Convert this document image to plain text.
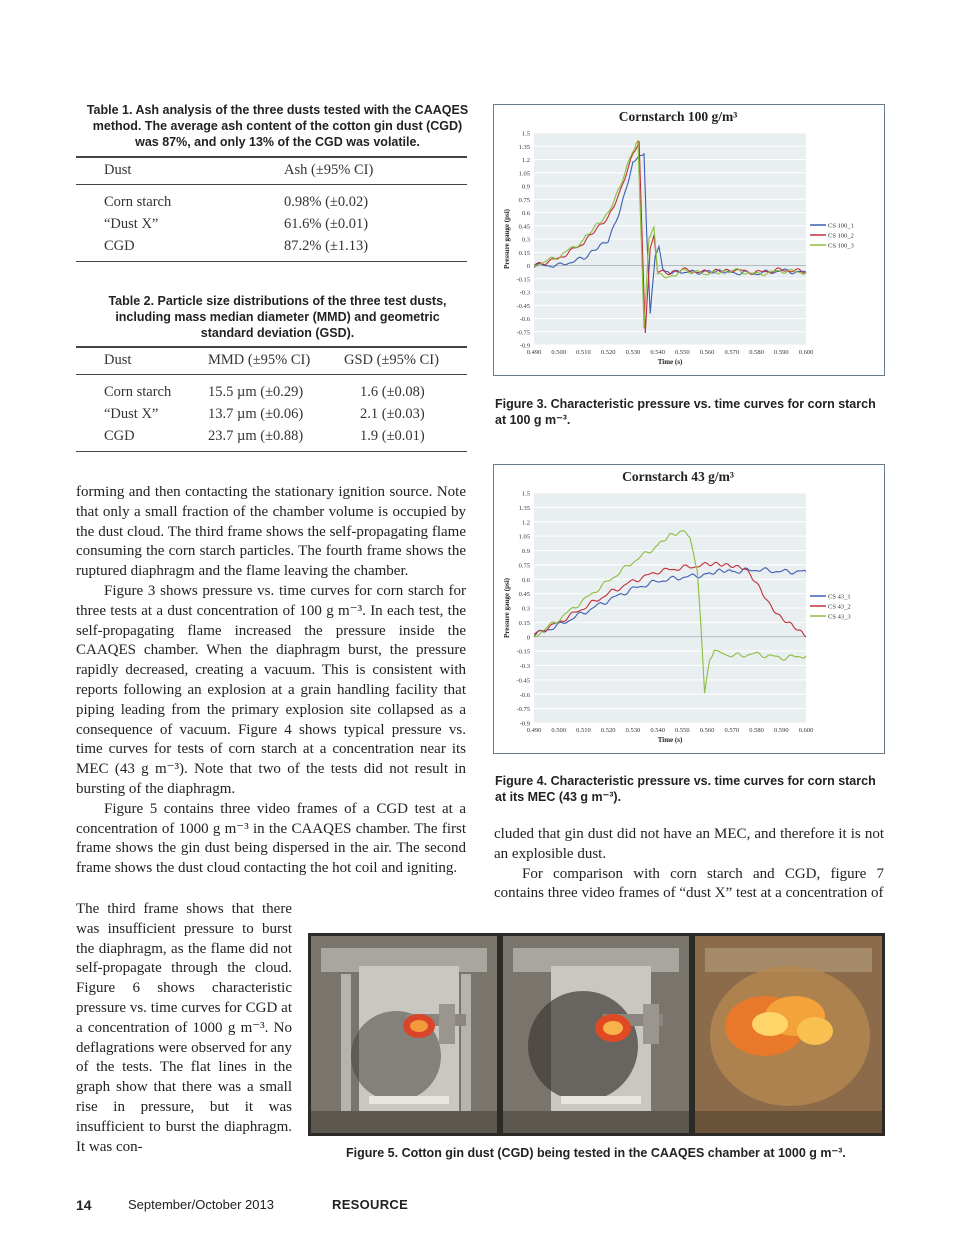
Table 1. Ash analysis of the three dusts tested with the CAAQES method. The average ash content of the cotton gin dust (CGD) was 87%, and only 13% of the CGD was volatile.
Dust	Ash (±95% CI)
Corn starch	0.98% (±0.02)
“Dust X”	61.6% (±0.01)
CGD	87.2% (±1.13)
Table 2. Particle size distributions of the three test dusts, including mass median diameter (MMD) and geometric standard deviation (GSD).
Dust	MMD (±95% CI)	GSD (±95% CI)
Corn starch	15.5 µm (±0.29)	1.6 (±0.08)
“Dust X”	13.7 µm (±0.06)	2.1 (±0.03)
CGD	23.7 µm (±0.88)	1.9 (±0.01)
Cornstarch 100 g/m³
1.5
1.35
1.2
1.05
0.9
0.75
0.6
0.45
0.3
0.15
0
-0.15
-0.3
-0.45
-0.6
-0.75
-0.9
0.490 0.500 0.510 0.520 0.530 0.540 0.550 0.560 0.570 0.580 0.590 0.600
Time (s)
Pressure gauge (psi)	CS 100_1
CS 100_2
CS 100_3
Figure 3. Characteristic pressure vs. time curves for corn starch at 100 g m⁻³.
Cornstarch 43 g/m³
1.5
1.35
1.2
1.05
0.9
0.75
0.6
0.45
0.3
0.15
0
-0.15
-0.3
-0.45
-0.6
-0.75
-0.9
0.490 0.500 0.510 0.520 0.530 0.540 0.550 0.560 0.570 0.580 0.590 0.600
Time (s)
Pressure gauge (psi)	CS 43_1
CS 43_2
CS 43_3
Figure 4. Characteristic pressure vs. time curves for corn starch at its MEC (43 g m⁻³).

forming and then contacting the stationary ignition source. Note that only a small fraction of the chamber volume is occupied by the dust cloud. The third frame shows the self-propagating flame consuming the corn starch particles. The fourth frame shows the ruptured diaphragm and the flame leaving the chamber.

Figure 3 shows pressure vs. time curves for corn starch for three tests at a dust concentration of 100 g m⁻³. In each test, the self-propagating flame increased the pressure inside the CAAQES chamber. When the diaphragm burst, the pressure rapidly decreased, creating a vacuum. This is consistent with reports following an explosion at a grain handling facility that piping leading from the primary explosion site collapsed as a consequence of vacuum. Figure 4 shows typical pressure vs. time curves for tests of corn starch at a concentration near its MEC (43 g m⁻³). Note that two of the tests did not result in bursting of the diaphragm.

Figure 5 contains three video frames of a CGD test at a concentration of 1000 g m⁻³ in the CAAQES chamber. The first frame shows the gin dust being dispersed in the air. The second frame shows the dust cloud contacting the hot coil and igniting.

The third frame shows that there was insufficient pressure to burst the diaphragm, as the flame did not self-propagate through the cloud. Figure 6 shows characteristic pressure vs. time curves for CGD at a concentration of 1000 g m⁻³. No deflagrations were observed for any of the tests. The flat lines in the graph show that there was a small rise in pressure, but it was insufficient to burst the diaphragm. It was con-

cluded that gin dust did not have an MEC, and therefore it is not an explosible dust.

For comparison with corn starch and CGD, figure 7 contains three video frames of “dust X” test at a concentration of

Figure 5. Cotton gin dust (CGD) being tested in the CAAQES chamber at 1000 g m⁻³.
14	September/October 2013	RESOURCE
